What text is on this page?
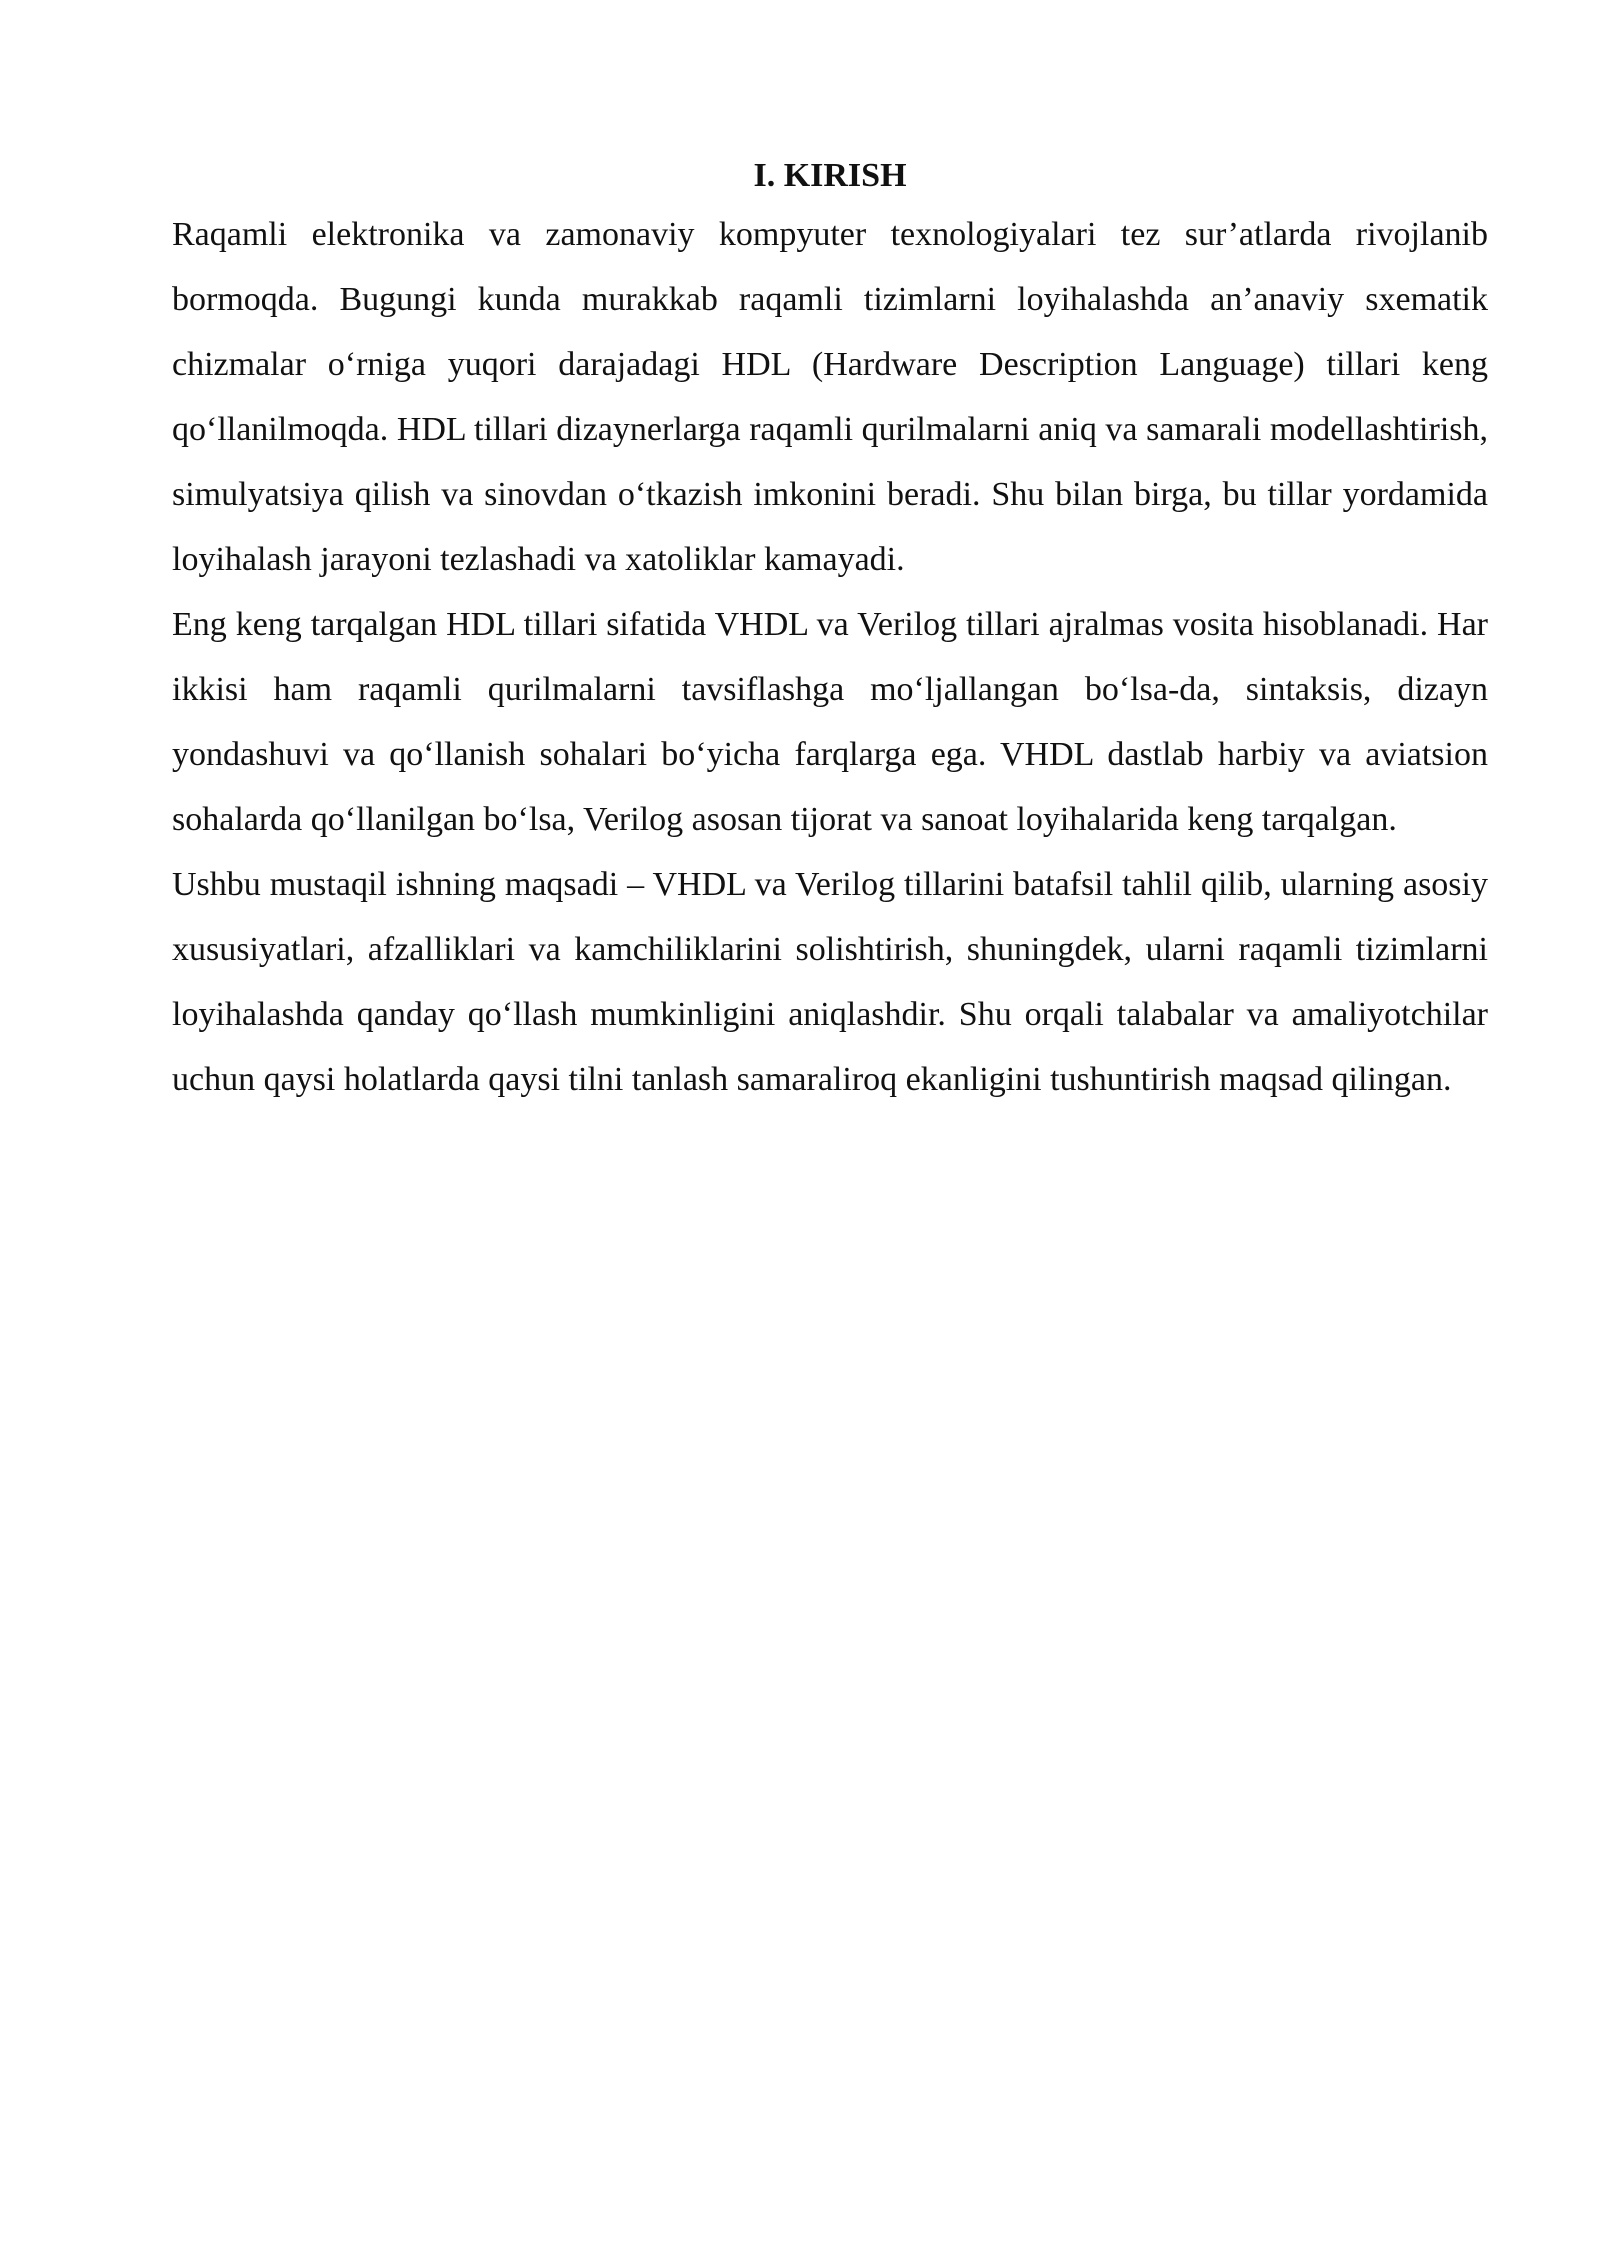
I. KIRISH

Raqamli elektronika va zamonaviy kompyuter texnologiyalari tez sur’atlarda rivojlanib bormoqda. Bugungi kunda murakkab raqamli tizimlarni loyihalashda an’anaviy sxematik chizmalar o‘rniga yuqori darajadagi HDL (Hardware Description Language) tillari keng qo‘llanilmoqda. HDL tillari dizaynerlarga raqamli qurilmalarni aniq va samarali modellashtirish, simulyatsiya qilish va sinovdan o‘tkazish imkonini beradi. Shu bilan birga, bu tillar yordamida loyihalash jarayoni tezlashadi va xatoliklar kamayadi.

Eng keng tarqalgan HDL tillari sifatida VHDL va Verilog tillari ajralmas vosita hisoblanadi. Har ikkisi ham raqamli qurilmalarni tavsiflashga mo‘ljallangan bo‘lsa-da, sintaksis, dizayn yondashuvi va qo‘llanish sohalari bo‘yicha farqlarga ega. VHDL dastlab harbiy va aviatsion sohalarda qo‘llanilgan bo‘lsa, Verilog asosan tijorat va sanoat loyihalarida keng tarqalgan.

Ushbu mustaqil ishning maqsadi – VHDL va Verilog tillarini batafsil tahlil qilib, ularning asosiy xususiyatlari, afzalliklari va kamchiliklarini solishtirish, shuningdek, ularni raqamli tizimlarni loyihalashda qanday qo‘llash mumkinligini aniqlashdir. Shu orqali talabalar va amaliyotchilar uchun qaysi holatlarda qaysi tilni tanlash samaraliroq ekanligini tushuntirish maqsad qilingan.
